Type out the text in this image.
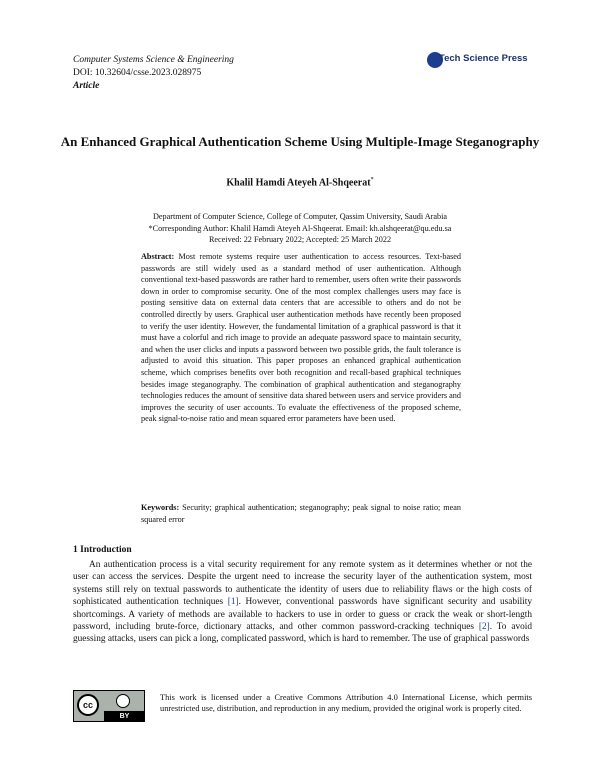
Computer Systems Science & Engineering
DOI: 10.32604/csse.2023.028975
Article
Tech Science Press
An Enhanced Graphical Authentication Scheme Using Multiple-Image Steganography
Khalil Hamdi Ateyeh Al-Shqeerat*
Department of Computer Science, College of Computer, Qassim University, Saudi Arabia
*Corresponding Author: Khalil Hamdi Ateyeh Al-Shqeerat. Email: kh.alshqeerat@qu.edu.sa
Received: 22 February 2022; Accepted: 25 March 2022
Abstract: Most remote systems require user authentication to access resources. Text-based passwords are still widely used as a standard method of user authentication. Although conventional text-based passwords are rather hard to remember, users often write their passwords down in order to compromise security. One of the most complex challenges users may face is posting sensitive data on external data centers that are accessible to others and do not be controlled directly by users. Graphical user authentication methods have recently been proposed to verify the user identity. However, the fundamental limitation of a graphical password is that it must have a colorful and rich image to provide an adequate password space to maintain security, and when the user clicks and inputs a password between two possible grids, the fault tolerance is adjusted to avoid this situation. This paper proposes an enhanced graphical authentication scheme, which comprises benefits over both recognition and recall-based graphical techniques besides image steganography. The combination of graphical authentication and steganography technologies reduces the amount of sensitive data shared between users and service providers and improves the security of user accounts. To evaluate the effectiveness of the proposed scheme, peak signal-to-noise ratio and mean squared error parameters have been used.
Keywords: Security; graphical authentication; steganography; peak signal to noise ratio; mean squared error
1 Introduction
An authentication process is a vital security requirement for any remote system as it determines whether or not the user can access the services. Despite the urgent need to increase the security layer of the authentication system, most systems still rely on textual passwords to authenticate the identity of users due to reliability flaws or the high costs of sophisticated authentication techniques [1]. However, conventional passwords have significant security and usability shortcomings. A variety of methods are available to hackers to use in order to guess or crack the weak or short-length password, including brute-force, dictionary attacks, and other common password-cracking techniques [2]. To avoid guessing attacks, users can pick a long, complicated password, which is hard to remember. The use of graphical passwords
cc
BY
This work is licensed under a Creative Commons Attribution 4.0 International License, which permits unrestricted use, distribution, and reproduction in any medium, provided the original work is properly cited.
